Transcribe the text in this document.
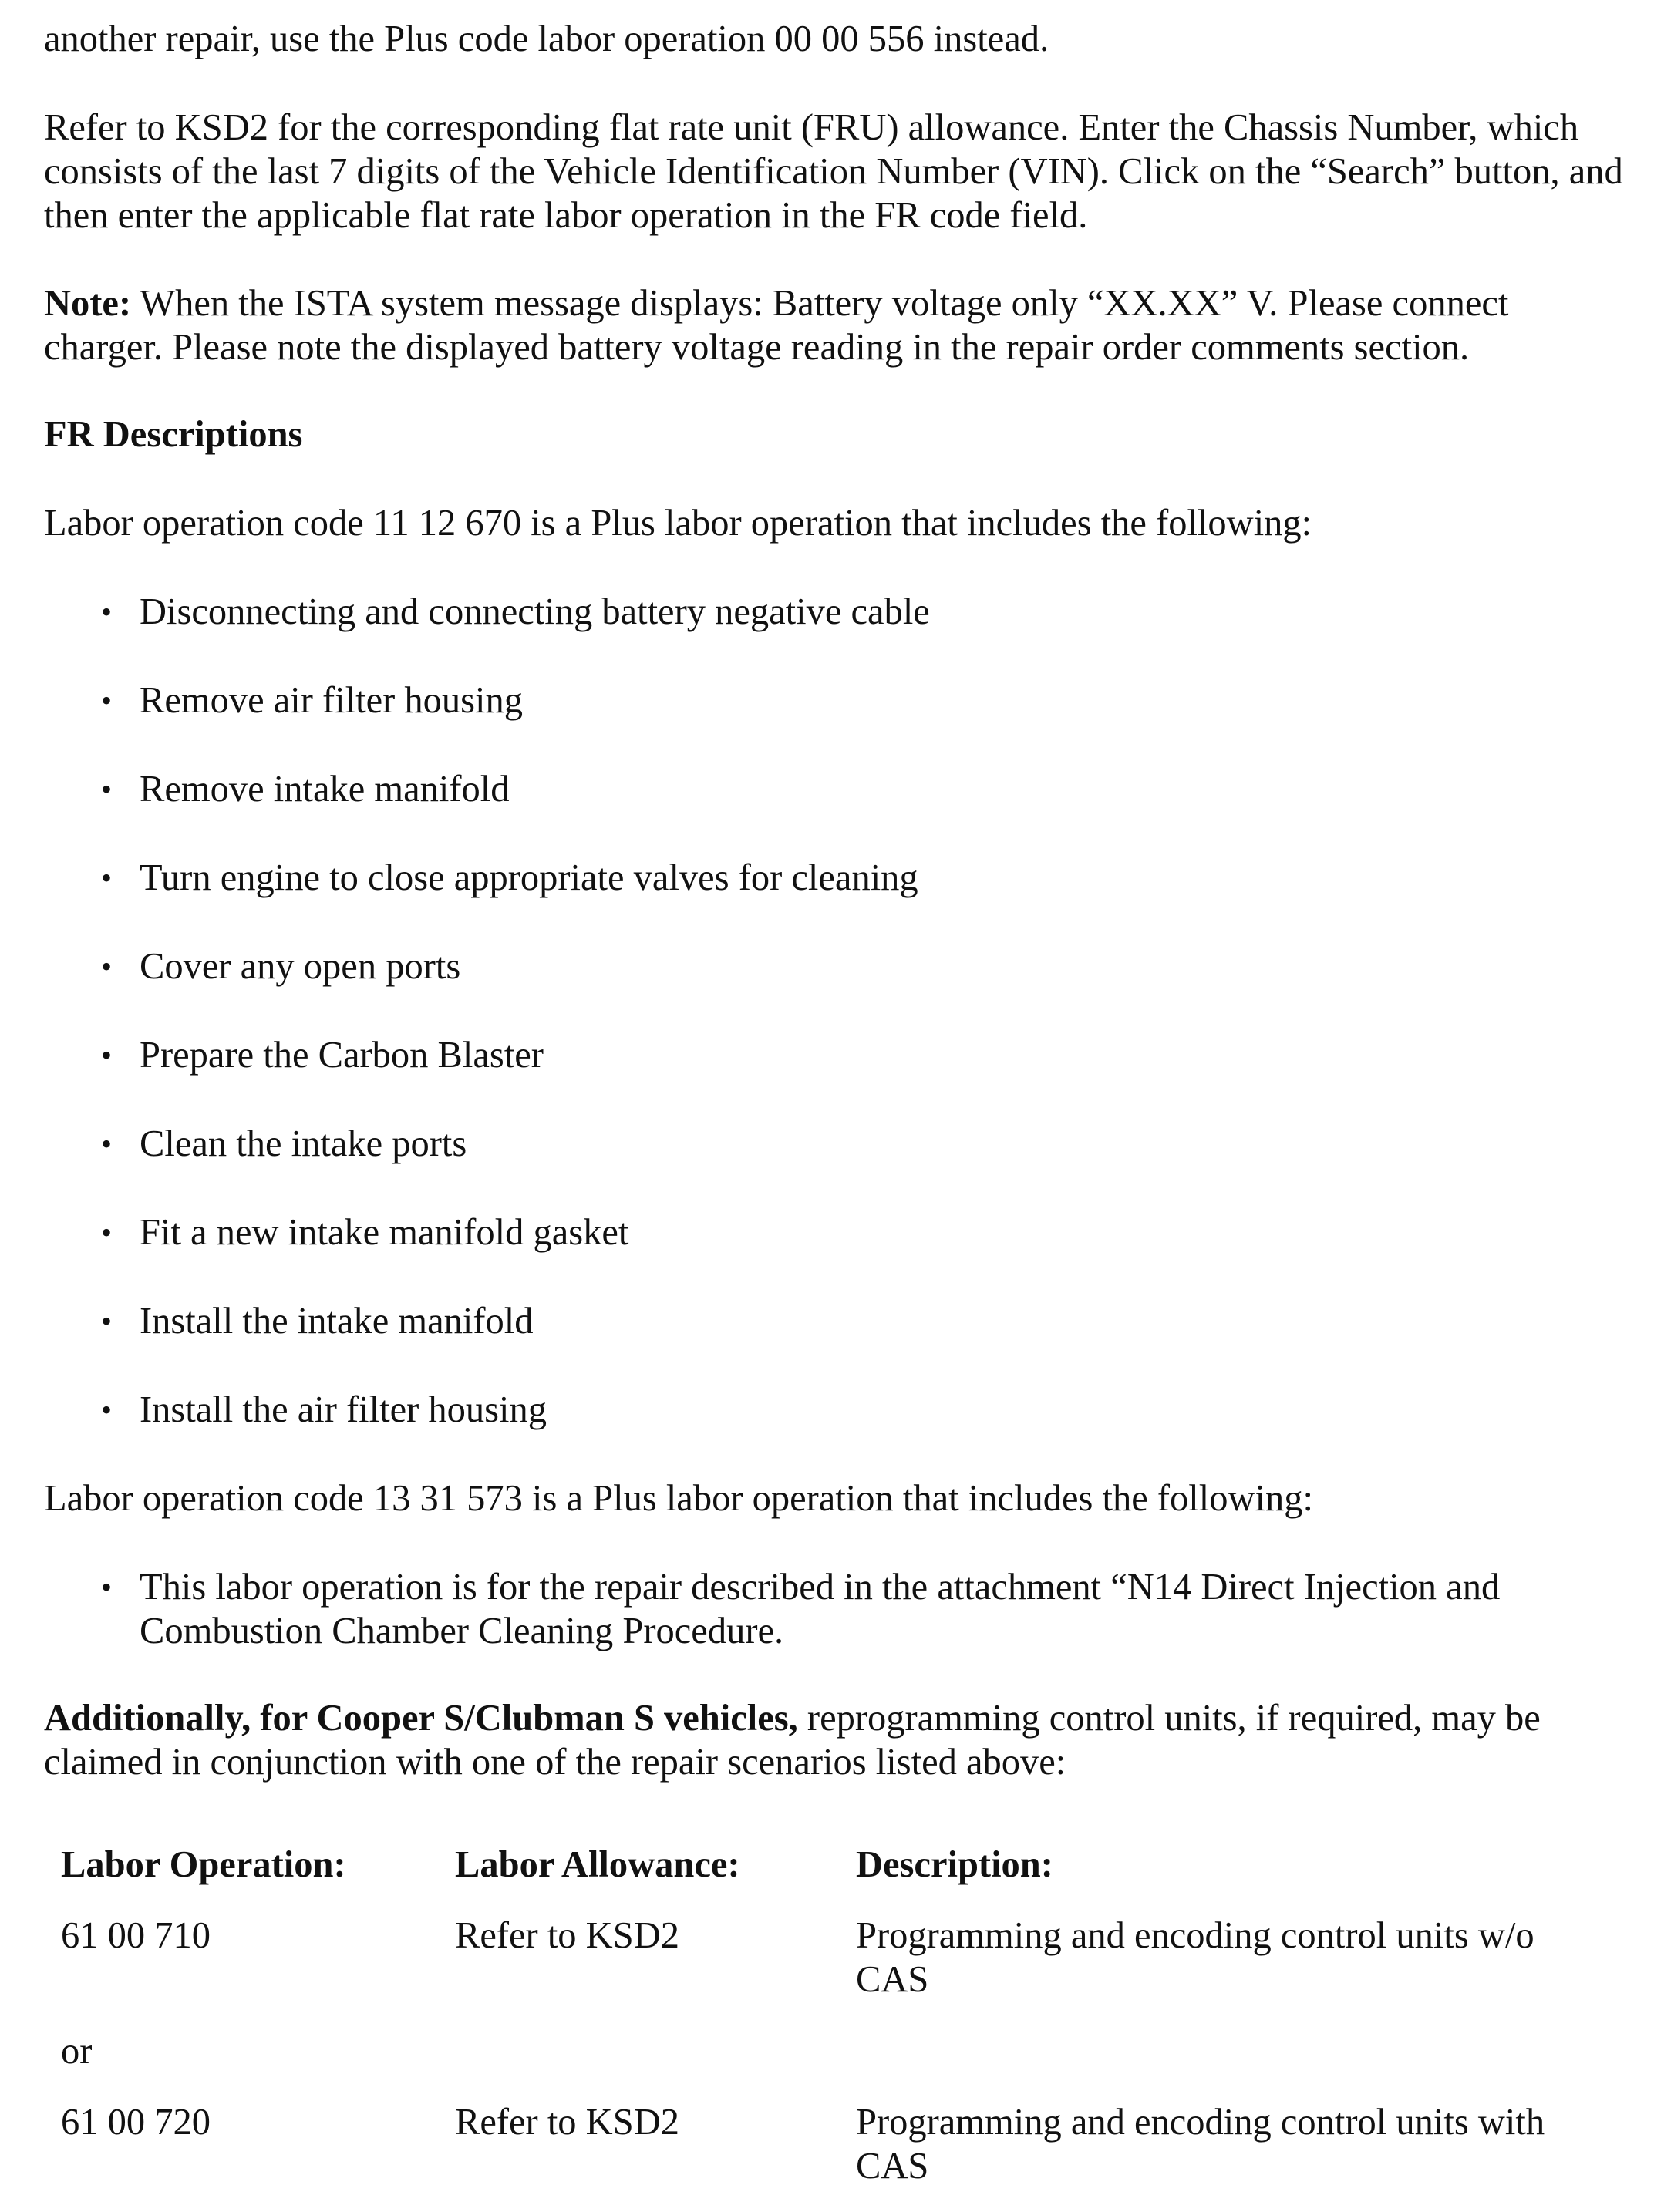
another repair, use the Plus code labor operation 00 00 556 instead.

Refer to KSD2 for the corresponding flat rate unit (FRU) allowance. Enter the Chassis Number, which consists of the last 7 digits of the Vehicle Identification Number (VIN). Click on the “Search” button, and then enter the applicable flat rate labor operation in the FR code field.

Note: When the ISTA system message displays: Battery voltage only “XX.XX” V. Please connect charger. Please note the displayed battery voltage reading in the repair order comments section.

FR Descriptions

Labor operation code 11 12 670 is a Plus labor operation that includes the following:

• Disconnecting and connecting battery negative cable
• Remove air filter housing
• Remove intake manifold
• Turn engine to close appropriate valves for cleaning
• Cover any open ports
• Prepare the Carbon Blaster
• Clean the intake ports
• Fit a new intake manifold gasket
• Install the intake manifold
• Install the air filter housing

Labor operation code 13 31 573 is a Plus labor operation that includes the following:

• This labor operation is for the repair described in the attachment “N14 Direct Injection and Combustion Chamber Cleaning Procedure.

Additionally, for Cooper S/Clubman S vehicles, reprogramming control units, if required, may be claimed in conjunction with one of the repair scenarios listed above:

Labor Operation:	Labor Allowance:	Description:
61 00 710	Refer to KSD2	Programming and encoding control units w/o CAS
or
61 00 720	Refer to KSD2	Programming and encoding control units with CAS
